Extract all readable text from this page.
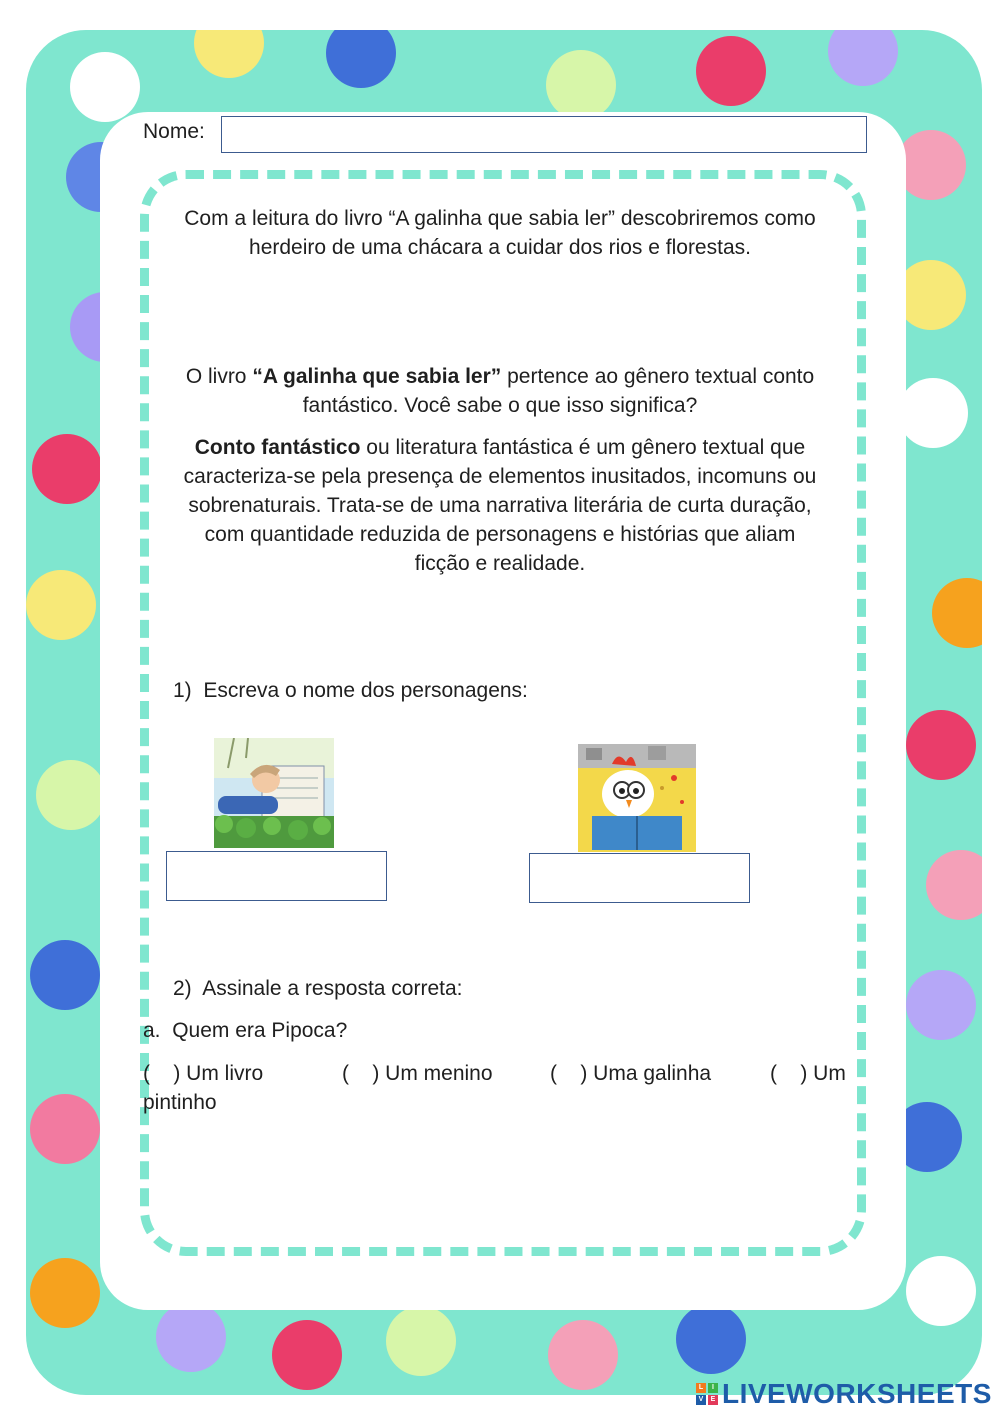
Nome:
Com a leitura do livro “A galinha que sabia ler” descobriremos como
herdeiro de uma chácara a cuidar dos rios e florestas.
O livro “A galinha que sabia ler” pertence ao gênero textual conto
fantástico. Você sabe o que isso significa?
Conto fantástico ou literatura fantástica é um gênero textual que
caracteriza-se pela presença de elementos inusitados, incomuns ou
sobrenaturais. Trata-se de uma narrativa literária de curta duração,
com quantidade reduzida de personagens e histórias que aliam
ficção e realidade.
1) Escreva o nome dos personagens:
2) Assinale a resposta correta:
a. Quem era Pipoca?
(    ) Um livro	(    ) Um menino	(    ) Uma galinha	(    ) Um
pintinho
L	I
V	E LIVEWORKSHEETS
